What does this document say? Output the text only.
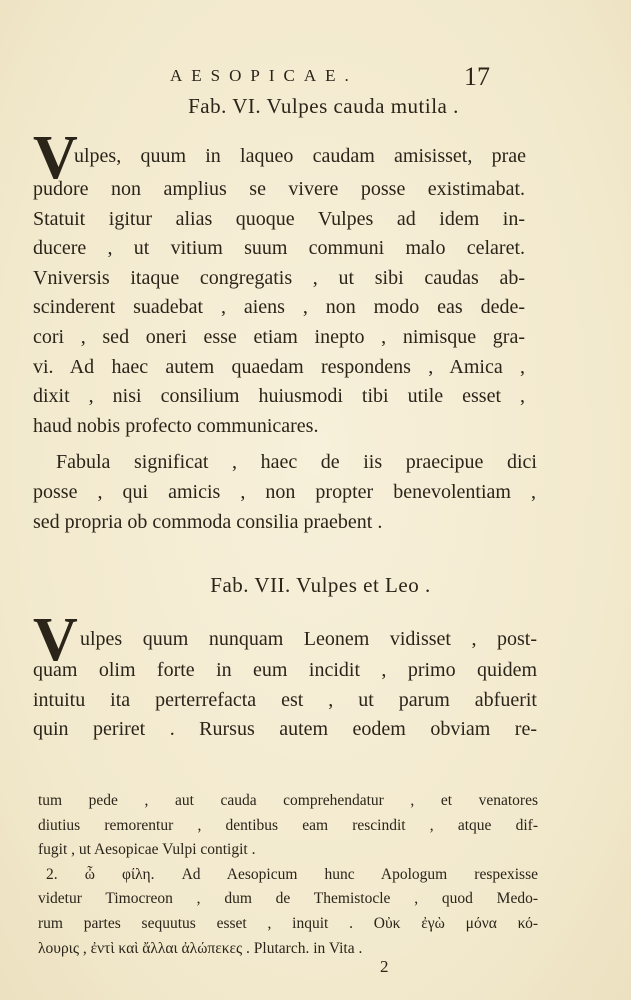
AESOPICAE.	17
Fab. VI. Vulpes cauda mutila .
V
ulpes, quum in laqueo caudam amisisset, prae
pudore non amplius se vivere posse existimabat.
Statuit igitur alias quoque Vulpes ad idem in-
ducere , ut vitium suum communi malo celaret.
Vniversis itaque congregatis , ut sibi caudas ab-
scinderent suadebat , aiens , non modo eas dede-
cori , sed oneri esse etiam inepto , nimisque gra-
vi. Ad haec autem quaedam respondens , Amica ,
dixit , nisi consilium huiusmodi tibi utile esset ,
haud nobis profecto communicares.
Fabula significat , haec de iis praecipue dici
posse , qui amicis , non propter benevolentiam ,
sed propria ob commoda consilia praebent .
Fab. VII. Vulpes et Leo .
V ulpes quum nunquam Leonem vidisset , post-
quam olim forte in eum incidit , primo quidem
intuitu ita perterrefacta est , ut parum abfuerit
quin periret . Rursus autem eodem obviam re-
tum pede , aut cauda comprehendatur , et venatores
diutius remorentur , dentibus eam rescindit , atque dif-
fugit , ut Aesopicae Vulpi contigit .
2. ὦ φίλη. Ad Aesopicum hunc Apologum respexisse
videtur Timocreon , dum de Themistocle , quod Medo-
rum partes sequutus esset , inquit . Οὐκ ἐγὼ μόνα κό-
λουρις , ἐντὶ καὶ ἄλλαι ἀλώπεκες . Plutarch. in Vita .
2
